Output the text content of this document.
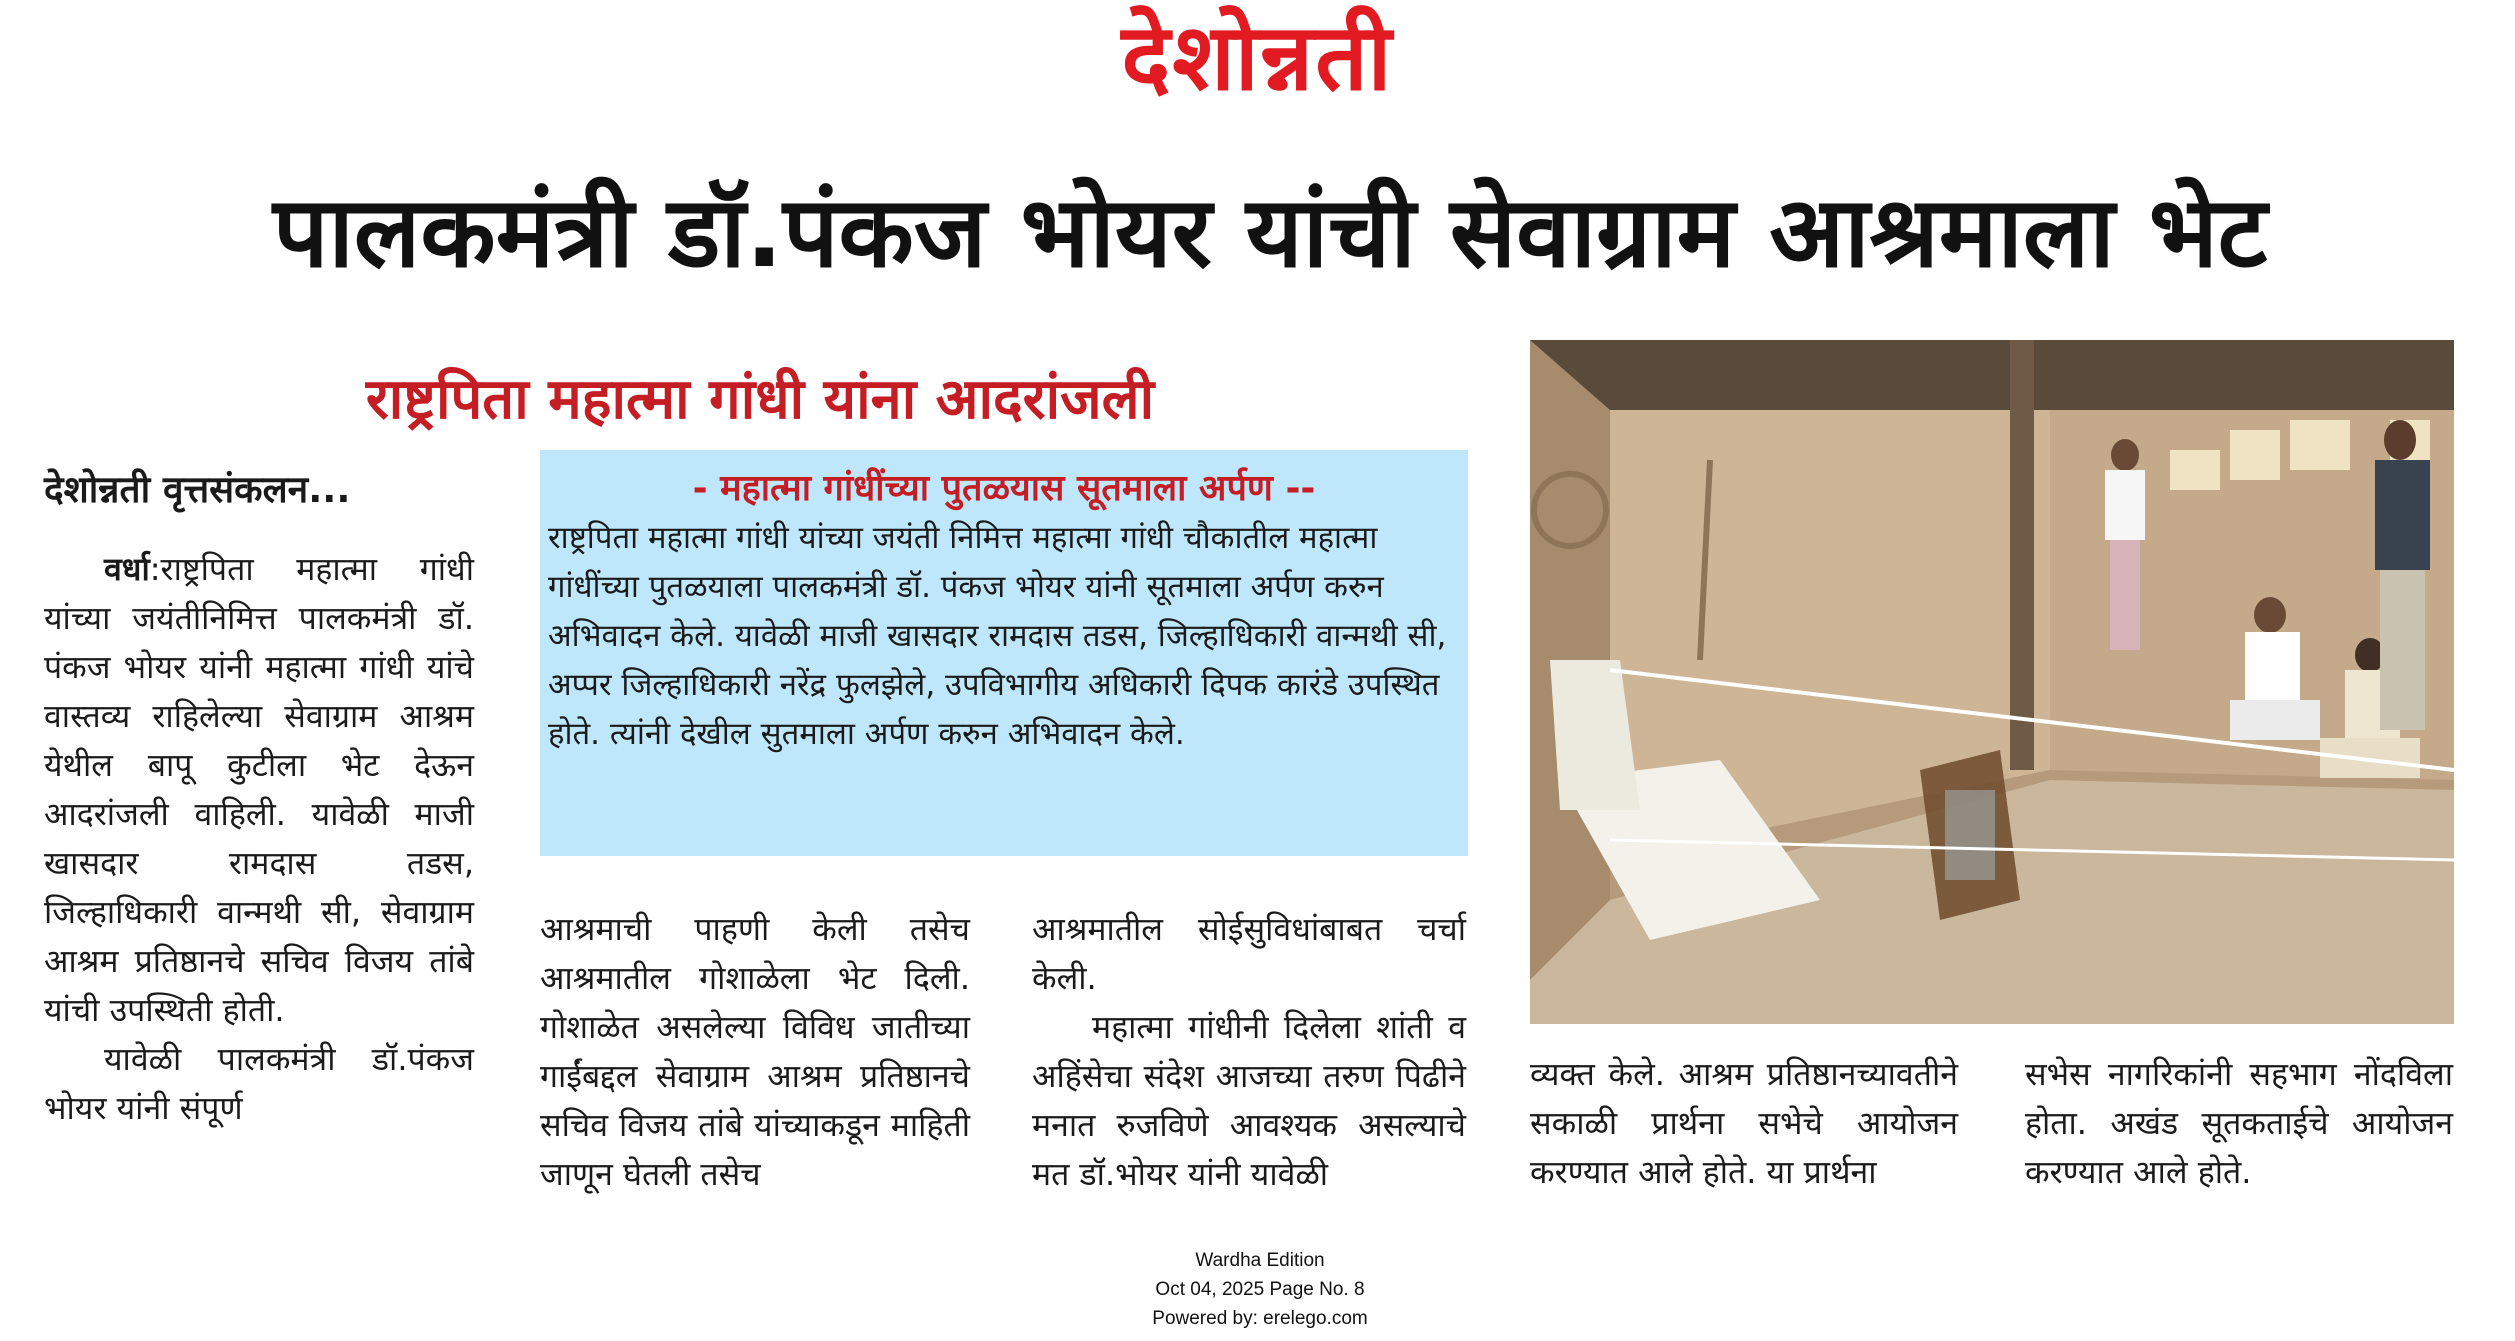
देशोन्नती
पालकमंत्री डॉ.पंकज भोयर यांची सेवाग्राम आश्रमाला भेट
राष्ट्रपिता महात्मा गांधी यांना आदरांजली
देशोन्नती वृत्तसंकलन...

वर्धा:राष्ट्रपिता महात्मा गांधी यांच्या जयंतीनिमित्त पालकमंत्री डॉ. पंकज भोयर यांनी महात्मा गांधी यांचे वास्तव्य राहिलेल्या सेवाग्राम आश्रम येथील बापू कुटीला भेट देऊन आदरांजली वाहिली. यावेळी माजी खासदार रामदास तडस, जिल्हाधिकारी वान्मथी सी, सेवाग्राम आश्रम प्रतिष्ठानचे सचिव विजय तांबे यांची उपस्थिती होती.

यावेळी पालकमंत्री डॉ.पंकज भोयर यांनी संपूर्ण

- महात्मा गांधींच्या पुतळयास सूतमाला अर्पण --
राष्ट्रपिता महात्मा गांधी यांच्या जयंती निमित्त महात्मा गांधी चौकातील महात्मा गांधींच्या पुतळयाला पालकमंत्री डॉ. पंकज भोयर यांनी सूतमाला अर्पण करुन अभिवादन केले. यावेळी माजी खासदार रामदास तडस, जिल्हाधिकारी वान्मथी सी, अप्पर जिल्हाधिकारी नरेंद्र फुलझेले, उपविभागीय अधिकारी दिपक कारंडे उपस्थित होते. त्यांनी देखील सुतमाला अर्पण करुन अभिवादन केले.

आश्रमाची पाहणी केली तसेच आश्रमातील गोशाळेला भेट दिली. गोशाळेत असलेल्या विविध जातीच्या गाईंबद्दल सेवाग्राम आश्रम प्रतिष्ठानचे सचिव विजय तांबे यांच्याकडून माहिती जाणून घेतली तसेच

आश्रमातील सोईसुविधांबाबत चर्चा केली.

महात्मा गांधीनी दिलेला शांती व अहिंसेचा संदेश आजच्या तरुण पिढीने मनात रुजविणे आवश्यक असल्याचे मत डॉ.भोयर यांनी यावेळी

व्यक्त केले. आश्रम प्रतिष्ठानच्यावतीने सकाळी प्रार्थना सभेचे आयोजन करण्यात आले होते. या प्रार्थना

सभेस नागरिकांनी सहभाग नोंदविला होता. अखंड सूतकताईचे आयोजन करण्यात आले होते.

Wardha Edition
Oct 04, 2025 Page No. 8
Powered by: erelego.com
